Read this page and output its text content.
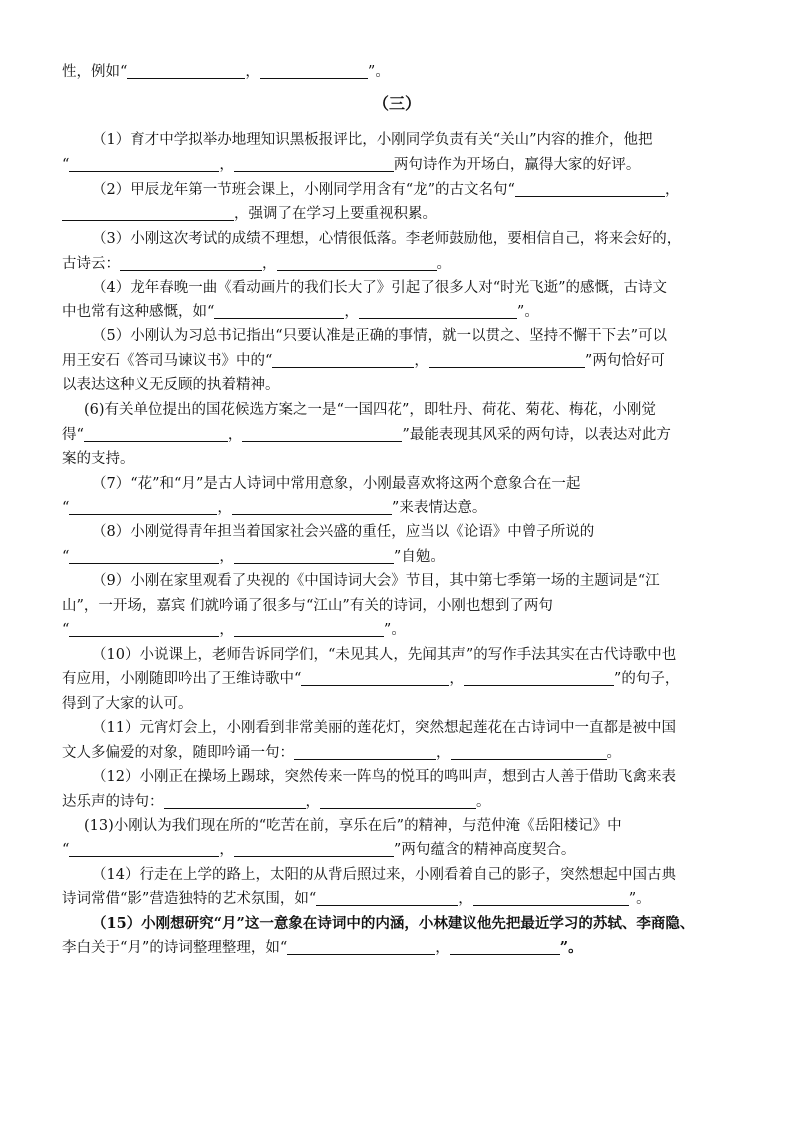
性，例如“	，	”。
（三）
（1）育才中学拟举办地理知识黑板报评比，小刚同学负责有关“关山”内容的推介，他把
“	，	两句诗作为开场白，赢得大家的好评。
（2）甲辰龙年第一节班会课上，小刚同学用含有“龙”的古文名句“	，
，强调了在学习上要重视积累。
（3）小刚这次考试的成绩不理想，心情很低落。李老师鼓励他，要相信自己，将来会好的，
古诗云：	，	。
（4）龙年春晚一曲《看动画片的我们长大了》引起了很多人对“时光飞逝”的感慨，古诗文
中也常有这种感慨，如“	，	”。
（5）小刚认为习总书记指出“只要认准是正确的事情，就一以贯之、坚持不懈干下去”可以
用王安石《答司马谏议书》中的“	，	”两句恰好可
以表达这种义无反顾的执着精神。
(6)有关单位提出的国花候选方案之一是“一国四花”，即牡丹、荷花、菊花、梅花，小刚觉
得“	，	”最能表现其风采的两句诗，以表达对此方
案的支持。
（7）“花”和“月”是古人诗词中常用意象，小刚最喜欢将这两个意象合在一起
“	，	”来表情达意。
（8）小刚觉得青年担当着国家社会兴盛的重任，应当以《论语》中曾子所说的
“	，	”自勉。
（9）小刚在家里观看了央视的《中国诗词大会》节目，其中第七季第一场的主题词是“江
山”，一开场，嘉宾 们就吟诵了很多与“江山”有关的诗词，小刚也想到了两句
“	，	”。
（10）小说课上，老师告诉同学们，“未见其人，先闻其声”的写作手法其实在古代诗歌中也
有应用，小刚随即吟出了王维诗歌中“	，	”的句子，
得到了大家的认可。
（11）元宵灯会上，小刚看到非常美丽的莲花灯，突然想起莲花在古诗词中一直都是被中国
文人多偏爱的对象，随即吟诵一句：	，	。
（12）小刚正在操场上踢球，突然传来一阵鸟的悦耳的鸣叫声，想到古人善于借助飞禽来表
达乐声的诗句：	，	。
(13)小刚认为我们现在所的“吃苦在前，享乐在后”的精神，与范仲淹《岳阳楼记》中
“	，	”两句蕴含的精神高度契合。
（14）行走在上学的路上，太阳的从背后照过来，小刚看着自己的影子，突然想起中国古典
诗词常借“影”营造独特的艺术氛围，如“	，	”。
（15）小刚想研究“月”这一意象在诗词中的内涵，小林建议他先把最近学习的苏轼、李商隐、
李白关于“月”的诗词整理整理，如“	，	”。
